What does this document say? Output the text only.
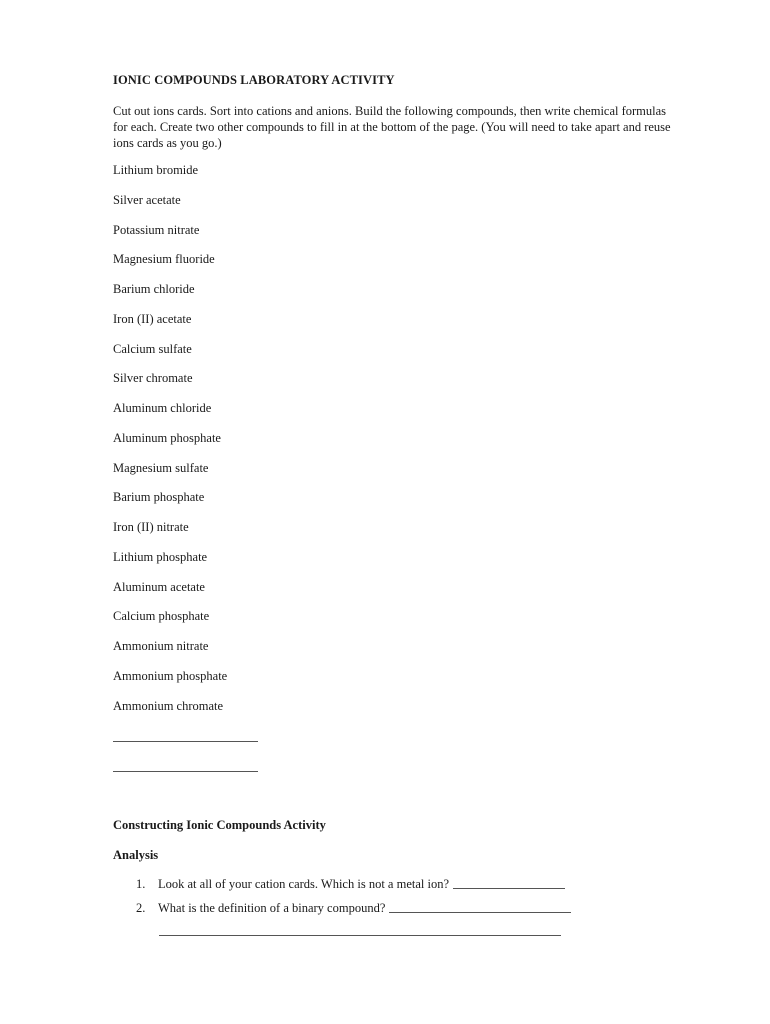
IONIC COMPOUNDS LABORATORY ACTIVITY
Cut out ions cards. Sort into cations and anions. Build the following compounds, then write chemical formulas for each. Create two other compounds to fill in at the bottom of the page. (You will need to take apart and reuse ions cards as you go.)
Lithium bromide
Silver acetate
Potassium nitrate
Magnesium fluoride
Barium chloride
Iron (II) acetate
Calcium sulfate
Silver chromate
Aluminum chloride
Aluminum phosphate
Magnesium sulfate
Barium phosphate
Iron (II) nitrate
Lithium phosphate
Aluminum acetate
Calcium phosphate
Ammonium nitrate
Ammonium phosphate
Ammonium chromate
Constructing Ionic Compounds Activity
Analysis
1. Look at all of your cation cards. Which is not a metal ion?
2. What is the definition of a binary compound?
